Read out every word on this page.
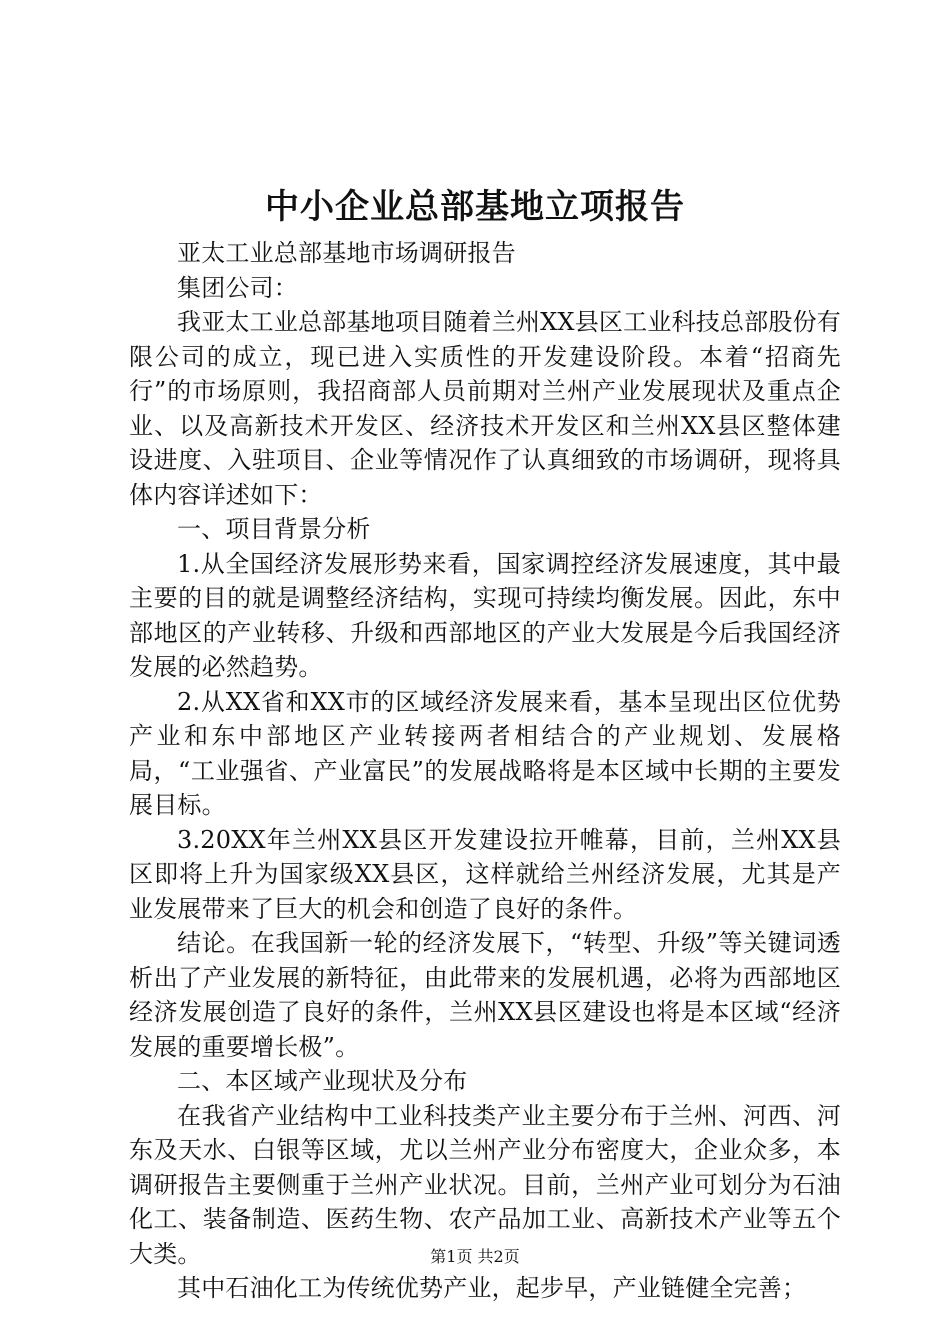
中小企业总部基地立项报告

亚太工业总部基地市场调研报告

集团公司：

我亚太工业总部基地项目随着兰州XX县区工业科技总部股份有限公司的成立，现已进入实质性的开发建设阶段。本着“招商先行”的市场原则，我招商部人员前期对兰州产业发展现状及重点企业、以及高新技术开发区、经济技术开发区和兰州XX县区整体建设进度、入驻项目、企业等情况作了认真细致的市场调研，现将具体内容详述如下：

一、项目背景分析

1.从全国经济发展形势来看，国家调控经济发展速度，其中最主要的目的就是调整经济结构，实现可持续均衡发展。因此，东中部地区的产业转移、升级和西部地区的产业大发展是今后我国经济发展的必然趋势。

2.从XX省和XX市的区域经济发展来看，基本呈现出区位优势产业和东中部地区产业转接两者相结合的产业规划、发展格局，“工业强省、产业富民”的发展战略将是本区域中长期的主要发展目标。

3.20XX年兰州XX县区开发建设拉开帷幕，目前，兰州XX县区即将上升为国家级XX县区，这样就给兰州经济发展，尤其是产业发展带来了巨大的机会和创造了良好的条件。

结论。在我国新一轮的经济发展下，“转型、升级”等关键词透析出了产业发展的新特征，由此带来的发展机遇，必将为西部地区经济发展创造了良好的条件，兰州XX县区建设也将是本区域“经济发展的重要增长极”。

二、本区域产业现状及分布

在我省产业结构中工业科技类产业主要分布于兰州、河西、河东及天水、白银等区域，尤以兰州产业分布密度大，企业众多，本调研报告主要侧重于兰州产业状况。目前，兰州产业可划分为石油化工、装备制造、医药生物、农产品加工业、高新技术产业等五个大类。

其中石油化工为传统优势产业，起步早，产业链健全完善；

第1页 共2页
